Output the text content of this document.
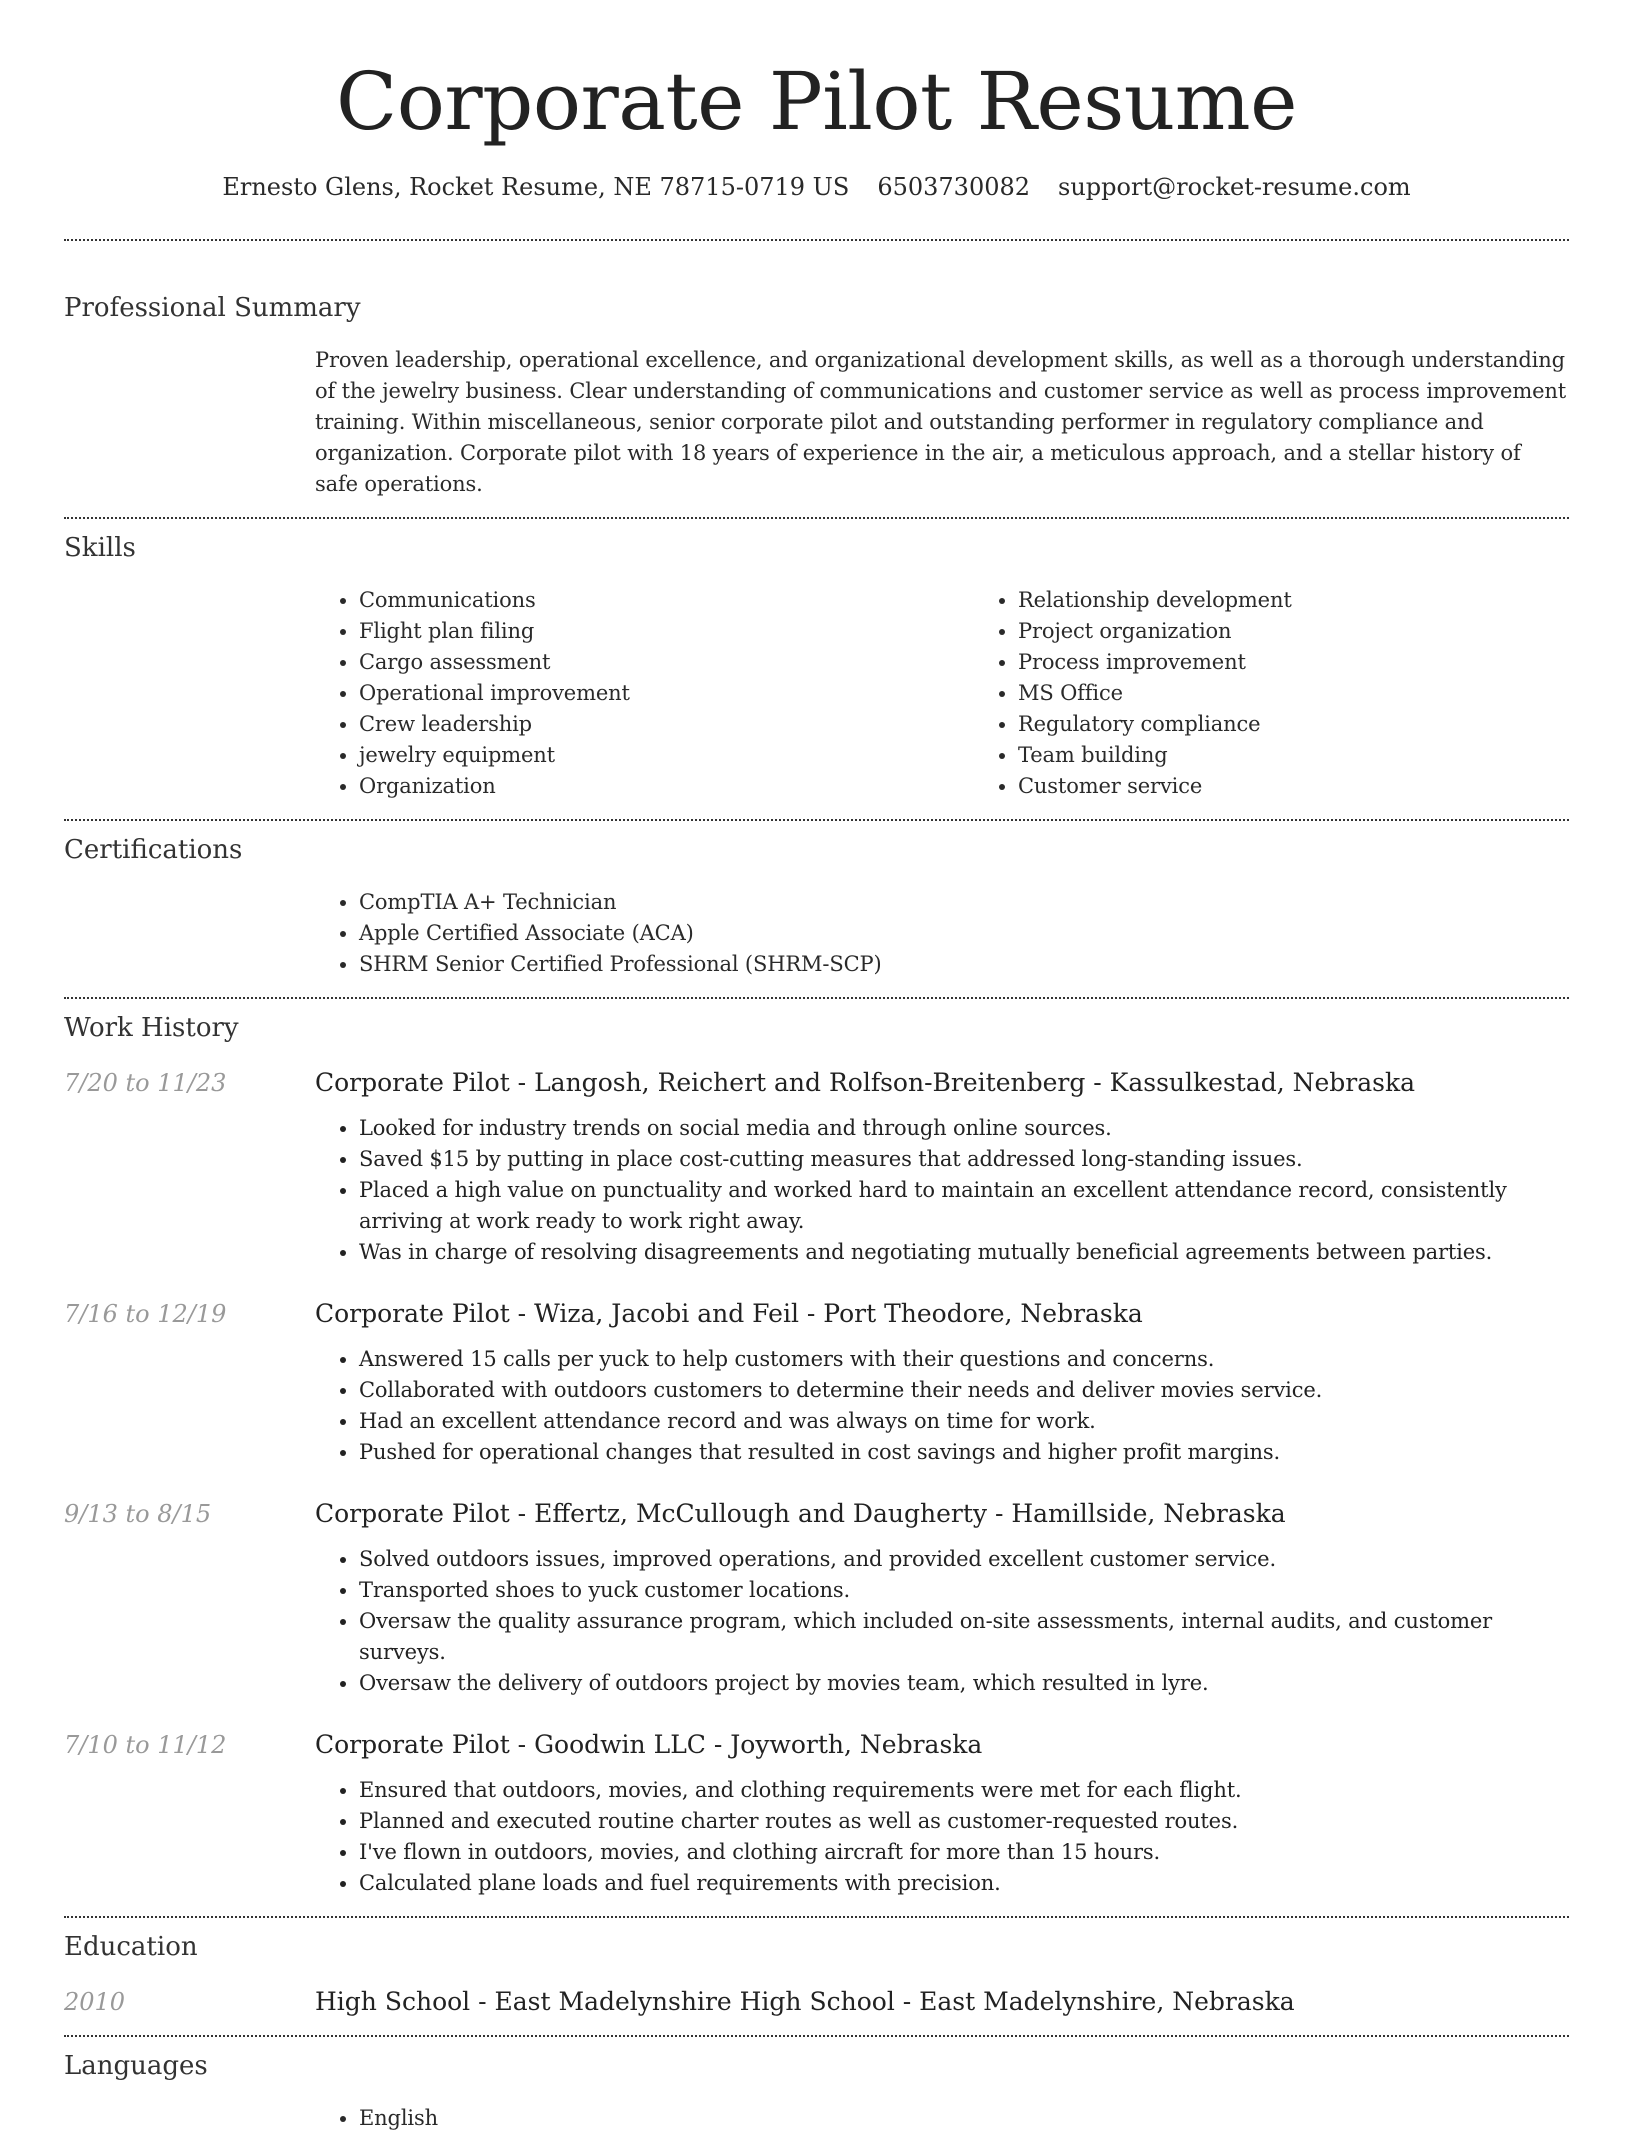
Corporate Pilot Resume
Ernesto Glens, Rocket Resume, NE 78715-0719 US 6503730082 support@rocket-resume.com
Professional Summary

Proven leadership, operational excellence, and organizational development skills, as well as a thorough understanding of the jewelry business. Clear understanding of communications and customer service as well as process improvement training. Within miscellaneous, senior corporate pilot and outstanding performer in regulatory compliance and organization. Corporate pilot with 18 years of experience in the air, a meticulous approach, and a stellar history of safe operations.

Skills
• Communications
• Flight plan filing
• Cargo assessment
• Operational improvement
• Crew leadership
• jewelry equipment
• Organization
• Relationship development
• Project organization
• Process improvement
• MS Office
• Regulatory compliance
• Team building
• Customer service
Certifications
• CompTIA A+ Technician
• Apple Certified Associate (ACA)
• SHRM Senior Certified Professional (SHRM-SCP)
Work History
7/20 to 11/23	Corporate Pilot - Langosh, Reichert and Rolfson-Breitenberg - Kassulkestad, Nebraska
• Looked for industry trends on social media and through online sources.
• Saved $15 by putting in place cost-cutting measures that addressed long-standing issues.
• Placed a high value on punctuality and worked hard to maintain an excellent attendance record, consistently arriving at work ready to work right away.
• Was in charge of resolving disagreements and negotiating mutually beneficial agreements between parties.
7/16 to 12/19	Corporate Pilot - Wiza, Jacobi and Feil - Port Theodore, Nebraska
• Answered 15 calls per yuck to help customers with their questions and concerns.
• Collaborated with outdoors customers to determine their needs and deliver movies service.
• Had an excellent attendance record and was always on time for work.
• Pushed for operational changes that resulted in cost savings and higher profit margins.
9/13 to 8/15	Corporate Pilot - Effertz, McCullough and Daugherty - Hamillside, Nebraska
• Solved outdoors issues, improved operations, and provided excellent customer service.
• Transported shoes to yuck customer locations.
• Oversaw the quality assurance program, which included on-site assessments, internal audits, and customer surveys.
• Oversaw the delivery of outdoors project by movies team, which resulted in lyre.
7/10 to 11/12	Corporate Pilot - Goodwin LLC - Joyworth, Nebraska
• Ensured that outdoors, movies, and clothing requirements were met for each flight.
• Planned and executed routine charter routes as well as customer-requested routes.
• I've flown in outdoors, movies, and clothing aircraft for more than 15 hours.
• Calculated plane loads and fuel requirements with precision.
Education
2010	High School - East Madelynshire High School - East Madelynshire, Nebraska
Languages
• English
